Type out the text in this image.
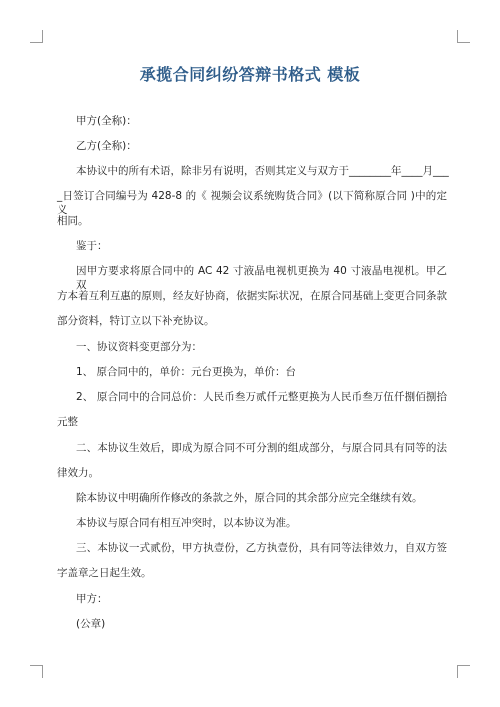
承揽合同纠纷答辩书格式 模板
甲方(全称)：
乙方(全称)：
本协议中的所有术语，除非另有说明，否则其定义与双方于________年____月___
_日签订合同编号为 428-8 的《 视频会议系统购货合同》(以下简称原合同 )中的定义
相同。
鉴于：
因甲方要求将原合同中的 AC 42 寸液晶电视机更换为 40 寸液晶电视机。甲乙双
方本着互利互惠的原则，经友好协商，依据实际状况，在原合同基础上变更合同条款
部分资料，特订立以下补充协议。
一、协议资料变更部分为：
1、 原合同中的，单价：元台更换为，单价：台
2、 原合同中的合同总价：人民币叁万贰仟元整更换为人民币叁万伍仟捌佰捌拾
元整
二、本协议生效后，即成为原合同不可分割的组成部分，与原合同具有同等的法
律效力。
除本协议中明确所作修改的条款之外，原合同的其余部分应完全继续有效。
本协议与原合同有相互冲突时，以本协议为准。
三、本协议一式贰份，甲方执壹份，乙方执壹份，具有同等法律效力，自双方签
字盖章之日起生效。
甲方：
(公章)
